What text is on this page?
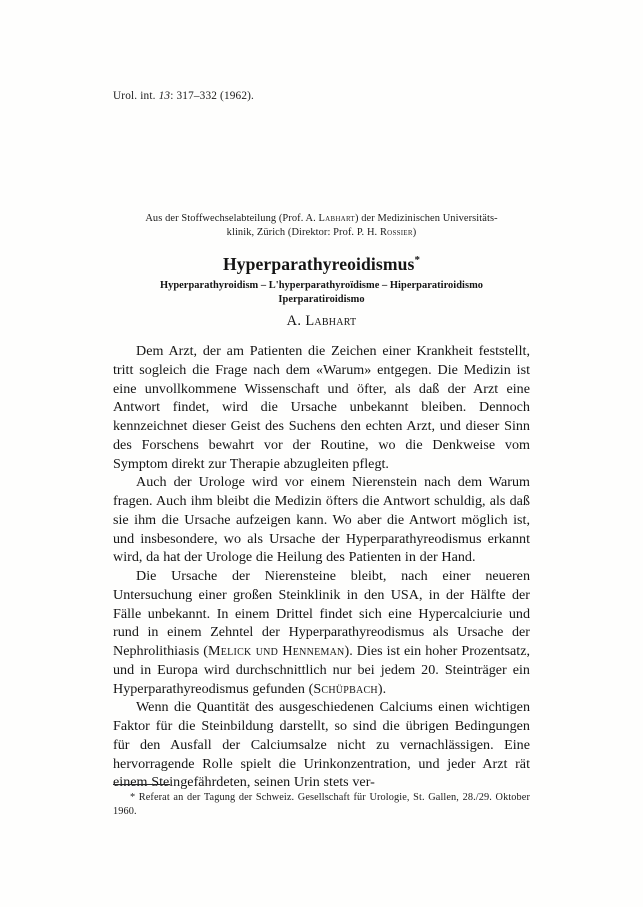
Urol. int. 13: 317–332 (1962).
Aus der Stoffwechselabteilung (Prof. A. Labhart) der Medizinischen Universitäts-
klinik, Zürich (Direktor: Prof. P. H. Rossier)
Hyperparathyreoidismus*
Hyperparathyroidism – L'hyperparathyroïdisme – Hiperparatiroidismo
Iperparatiroidismo
A. Labhart

Dem Arzt, der am Patienten die Zeichen einer Krankheit feststellt, tritt sogleich die Frage nach dem «Warum» entgegen. Die Medizin ist eine unvollkommene Wissenschaft und öfter, als daß der Arzt eine Antwort findet, wird die Ursache unbekannt bleiben. Dennoch kennzeichnet dieser Geist des Suchens den echten Arzt, und dieser Sinn des Forschens bewahrt vor der Routine, wo die Denkweise vom Symptom direkt zur Therapie abzugleiten pflegt.

Auch der Urologe wird vor einem Nierenstein nach dem Warum fragen. Auch ihm bleibt die Medizin öfters die Antwort schuldig, als daß sie ihm die Ursache aufzeigen kann. Wo aber die Antwort möglich ist, und insbesondere, wo als Ursache der Hyperparathyreodismus erkannt wird, da hat der Urologe die Heilung des Patienten in der Hand.

Die Ursache der Nierensteine bleibt, nach einer neueren Untersuchung einer großen Steinklinik in den USA, in der Hälfte der Fälle unbekannt. In einem Drittel findet sich eine Hypercalciurie und rund in einem Zehntel der Hyperparathyreodismus als Ursache der Nephrolithiasis (Melick und Henneman). Dies ist ein hoher Prozentsatz, und in Europa wird durchschnittlich nur bei jedem 20. Steinträger ein Hyperparathyreodismus gefunden (Schüpbach).

Wenn die Quantität des ausgeschiedenen Calciums einen wichtigen Faktor für die Steinbildung darstellt, so sind die übrigen Bedingungen für den Ausfall der Calciumsalze nicht zu vernachlässigen. Eine hervorragende Rolle spielt die Urinkonzentration, und jeder Arzt rät einem Steingefährdeten, seinen Urin stets ver-

* Referat an der Tagung der Schweiz. Gesellschaft für Urologie, St. Gallen, 28./29. Oktober 1960.
